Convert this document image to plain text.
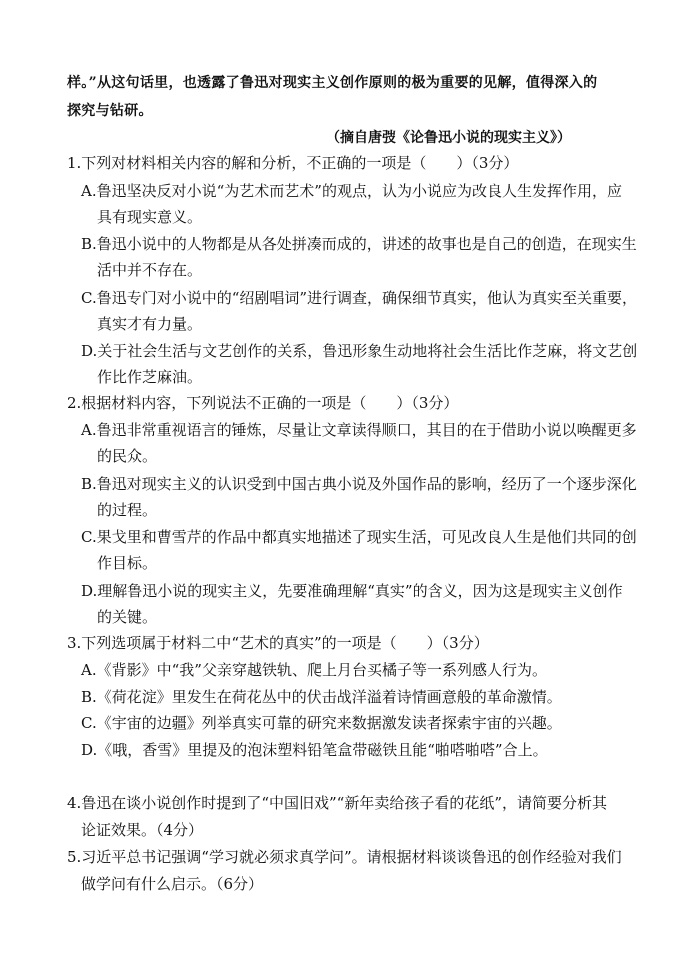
样。”从这句话里，也透露了鲁迅对现实主义创作原则的极为重要的见解，值得深入的
探究与钻研。
（摘自唐弢《论鲁迅小说的现实主义》）
1.下列对材料相关内容的解和分析，不正确的一项是（　　）（3分）
A.鲁迅坚决反对小说“为艺术而艺术”的观点，认为小说应为改良人生发挥作用，应
具有现实意义。
B.鲁迅小说中的人物都是从各处拼凑而成的，讲述的故事也是自己的创造，在现实生
活中并不存在。
C.鲁迅专门对小说中的“绍剧唱词”进行调查，确保细节真实，他认为真实至关重要，
真实才有力量。
D.关于社会生活与文艺创作的关系，鲁迅形象生动地将社会生活比作芝麻，将文艺创
作比作芝麻油。
2.根据材料内容，下列说法不正确的一项是（　　）（3分）
A.鲁迅非常重视语言的锤炼，尽量让文章读得顺口，其目的在于借助小说以唤醒更多
的民众。
B.鲁迅对现实主义的认识受到中国古典小说及外国作品的影响，经历了一个逐步深化
的过程。
C.果戈里和曹雪芹的作品中都真实地描述了现实生活，可见改良人生是他们共同的创
作目标。
D.理解鲁迅小说的现实主义，先要准确理解“真实”的含义，因为这是现实主义创作
的关键。
3.下列选项属于材料二中“艺术的真实”的一项是（　　）（3分）
A.《背影》中“我”父亲穿越铁轨、爬上月台买橘子等一系列感人行为。
B.《荷花淀》里发生在荷花丛中的伏击战洋溢着诗情画意般的革命激情。
C.《宇宙的边疆》列举真实可靠的研究来数据激发读者探索宇宙的兴趣。
D.《哦，香雪》里提及的泡沫塑料铅笔盒带磁铁且能“啪嗒啪嗒”合上。
4.鲁迅在谈小说创作时提到了“中国旧戏”“新年卖给孩子看的花纸”，请简要分析其
论证效果。（4分）
5.习近平总书记强调“学习就必须求真学问”。请根据材料谈谈鲁迅的创作经验对我们
做学问有什么启示。（6分）
